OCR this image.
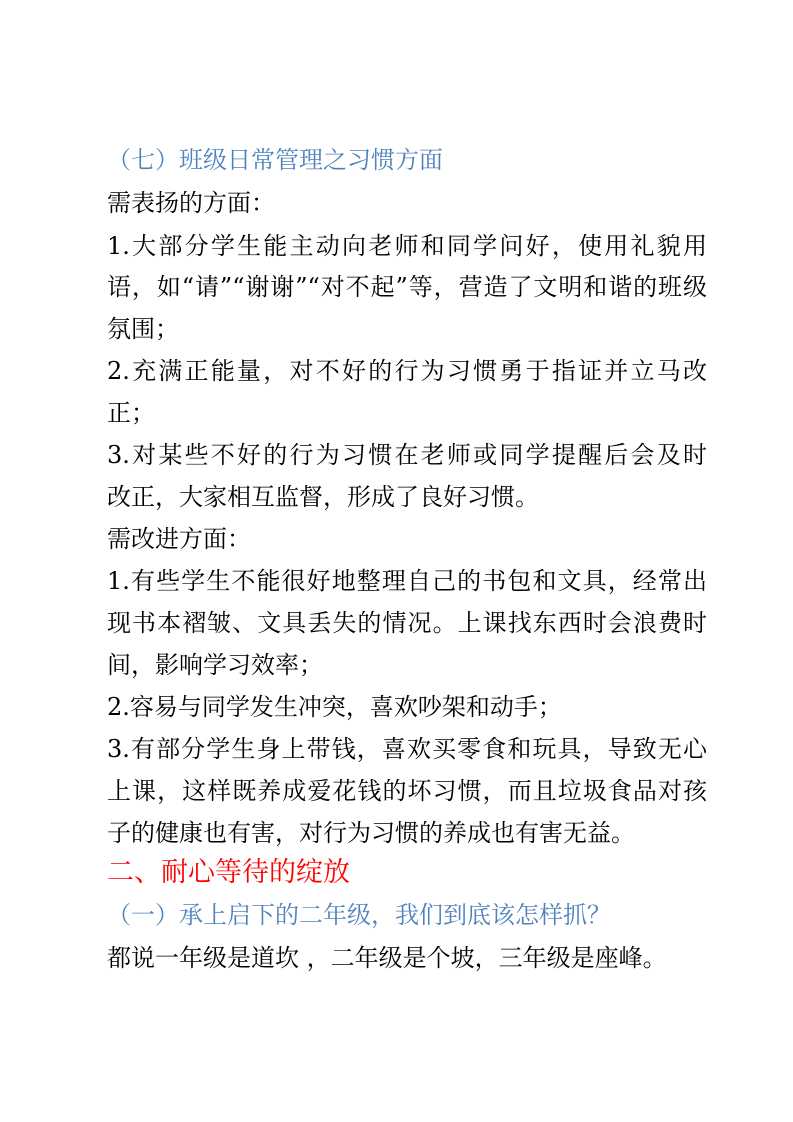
（七）班级日常管理之习惯方面
需表扬的方面：
1.大部分学生能主动向老师和同学问好，使用礼貌用
语，如“请”“谢谢”“对不起”等，营造了文明和谐的班级
氛围；
2.充满正能量，对不好的行为习惯勇于指证并立马改
正；
3.对某些不好的行为习惯在老师或同学提醒后会及时
改正，大家相互监督，形成了良好习惯。
需改进方面：
1.有些学生不能很好地整理自己的书包和文具，经常出
现书本褶皱、文具丢失的情况。上课找东西时会浪费时
间，影响学习效率；
2.容易与同学发生冲突，喜欢吵架和动手；
3.有部分学生身上带钱，喜欢买零食和玩具，导致无心
上课，这样既养成爱花钱的坏习惯，而且垃圾食品对孩
子的健康也有害，对行为习惯的养成也有害无益。
二、耐心等待的绽放
（一）承上启下的二年级，我们到底该怎样抓？
都说一年级是道坎 ，二年级是个坡，三年级是座峰。
